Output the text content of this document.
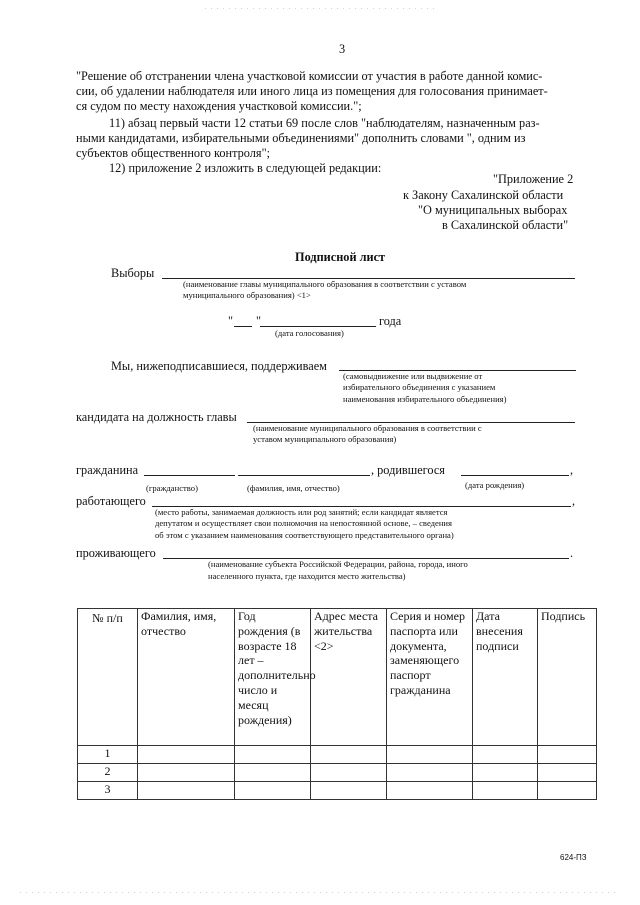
3
"Решение об отстранении члена участковой комиссии от участия в работе данной комис-
сии, об удалении наблюдателя или иного лица из помещения для голосования принимает-
ся судом по месту нахождения участковой комиссии.";
11) абзац первый части 12 статьи 69 после слов "наблюдателям, назначенным раз-
ными кандидатами, избирательными объединениями" дополнить словами ", одним из
субъектов общественного контроля";
12) приложение 2 изложить в следующей редакции:
"Приложение 2
к Закону Сахалинской области
"О муниципальных выборах
в Сахалинской области"
Подписной лист
Выборы
(наименование главы муниципального образования в соответствии с уставом
муниципального образования) <1>
" "	года
(дата голосования)
Мы, нижеподписавшиеся, поддерживаем
(самовыдвижение или выдвижение от
избирательного объединения с указанием
наименования избирательного объединения)
кандидата на должность главы
(наименование муниципального образования в соответствии с
уставом муниципального образования)
гражданина	, родившегося	,
(гражданство)	(фамилия, имя, отчество)	(дата рождения)
работающего	,
(место работы, занимаемая должность или род занятий; если кандидат является
депутатом и осуществляет свои полномочия на непостоянной основе, – сведения
об этом с указанием наименования соответствующего представительного органа)
проживающего	.
(наименование субъекта Российской Федерации, района, города, иного
населенного пункта, где находится место жительства)
№ п/п	Фамилия, имя, отчество	Год рождения (в возрасте 18 лет – дополнительно число и месяц рождения)	Адрес места жительства <2>	Серия и номер паспорта или документа, заменяющего паспорт гражданина	Дата внесения подписи	Подпись

1						
2						
3						
624-ПЗ
